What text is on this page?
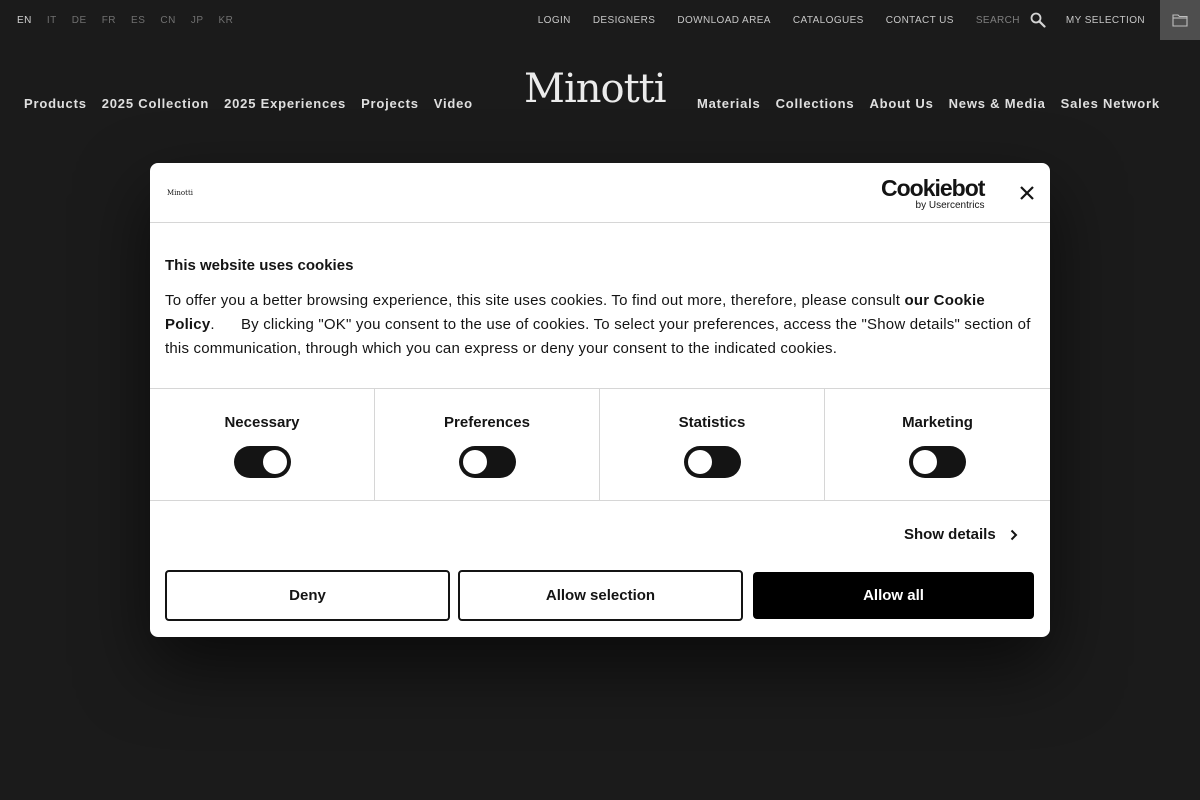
EN IT DE FR ES CN JP KR	LOGIN DESIGNERS DOWNLOAD AREA CATALOGUES CONTACT US SEARCH	MY SELECTION
Products 2025 Collection 2025 Experiences Projects Video Minotti Materials Collections About Us News & Media Sales Network
Minotti	Cookiebot
by Usercentrics
This website uses cookies

To offer you a better browsing experience, this site uses cookies. To find out more, therefore, please consult our Cookie Policy.      By clicking "OK" you consent to the use of cookies. To select your preferences, access the "Show details" section of this communication, through which you can express or deny your consent to the indicated cookies.

Necessary	Preferences	Statistics	Marketing
Show details
Deny	Allow selection	Allow all
